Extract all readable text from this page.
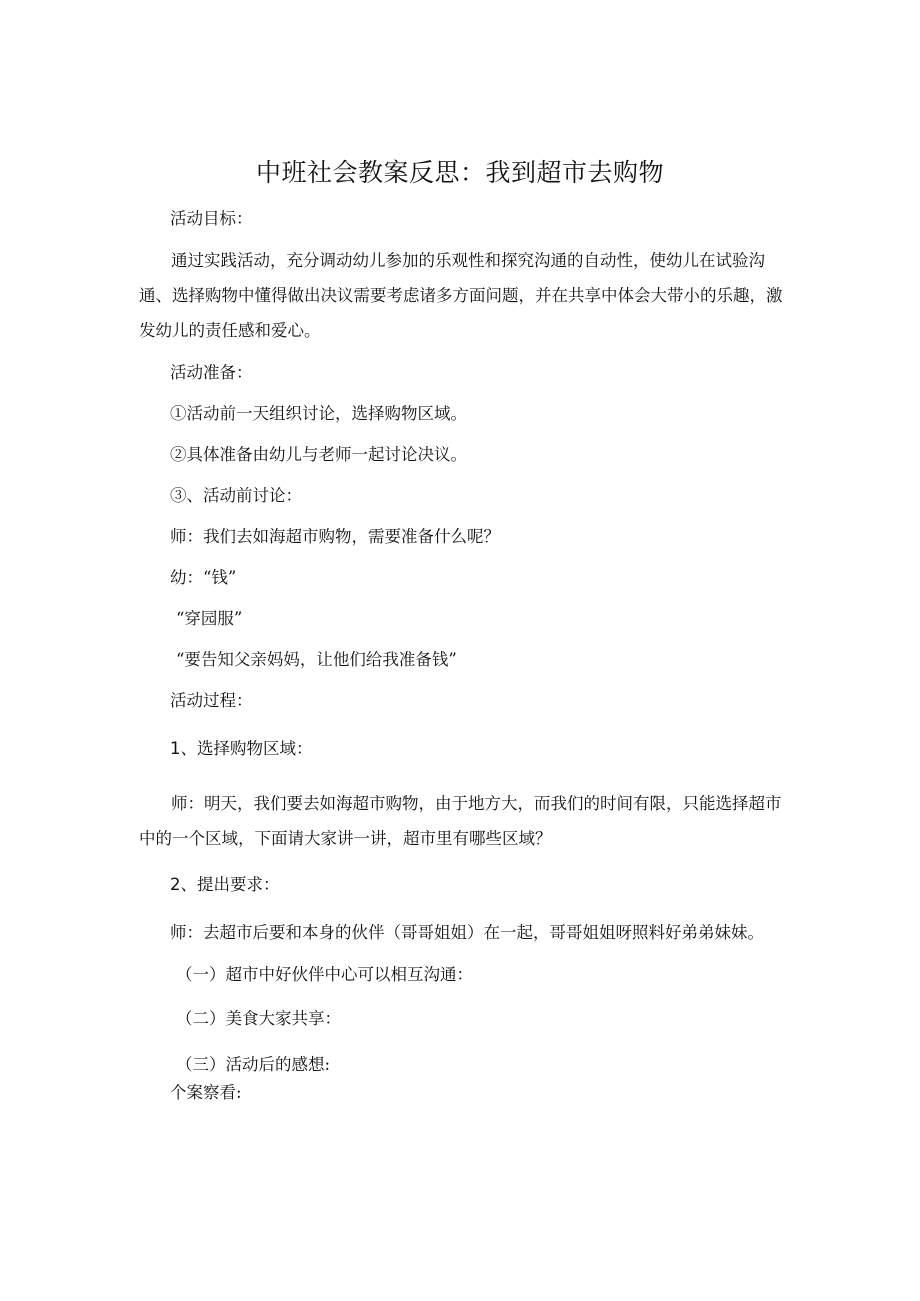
中班社会教案反思：我到超市去购物
活动目标：
通过实践活动，充分调动幼儿参加的乐观性和探究沟通的自动性，使幼儿在试验沟通、选择购物中懂得做出决议需要考虑诸多方面问题，并在共享中体会大带小的乐趣，激发幼儿的责任感和爱心。
活动准备：
①活动前一天组织讨论，选择购物区域。
②具体准备由幼儿与老师一起讨论决议。
③、活动前讨论：
师：我们去如海超市购物，需要准备什么呢？
幼：“钱”
“穿园服”
“要告知父亲妈妈，让他们给我准备钱”
活动过程：
1、选择购物区域：
师：明天，我们要去如海超市购物，由于地方大，而我们的时间有限，只能选择超市中的一个区域，下面请大家讲一讲，超市里有哪些区域？
2、提出要求：
师：去超市后要和本身的伙伴（哥哥姐姐）在一起，哥哥姐姐呀照料好弟弟妹妹。
（一）超市中好伙伴中心可以相互沟通：
（二）美食大家共享：
（三）活动后的感想:
个案察看:
